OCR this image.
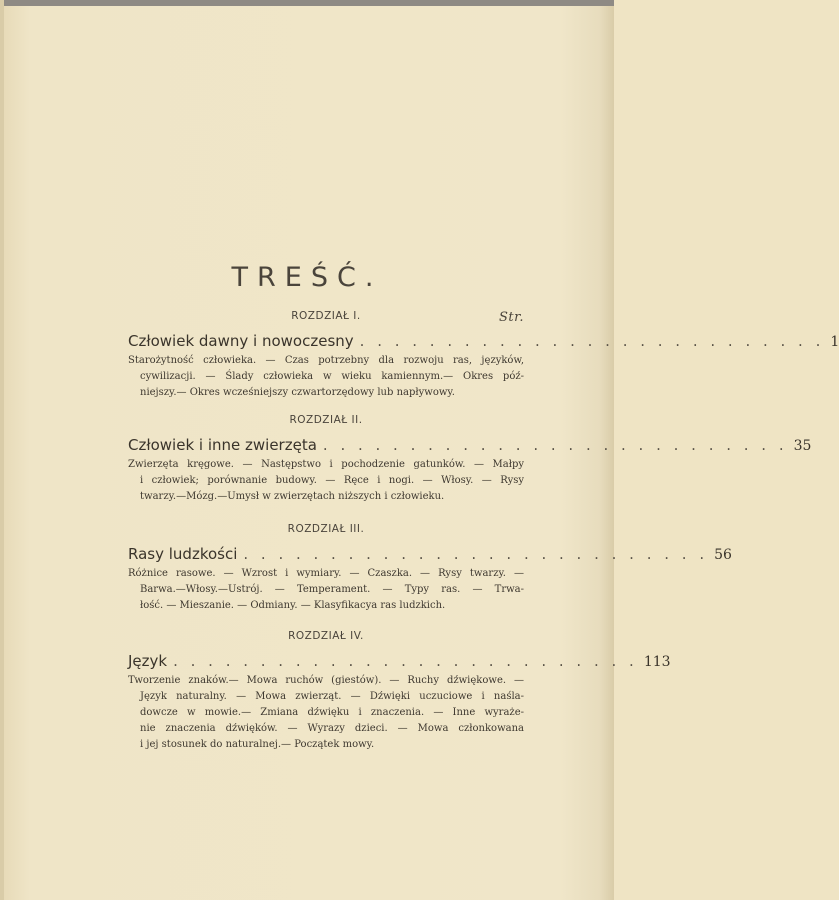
TREŚĆ.
ROZDZIAŁ I.	Str.
Człowiek dawny i nowoczesny . . . . . . . . . . . . . . . . . . . . . . . . . . . 1
Starożytność człowieka. — Czas potrzebny dla rozwoju ras, języków,
cywilizacji. — Ślady człowieka w wieku kamiennym.— Okres póź-
niejszy.— Okres wcześniejszy czwartorzędowy lub napływowy.
ROZDZIAŁ II.
Człowiek i inne zwierzęta . . . . . . . . . . . . . . . . . . . . . . . . . . . 35
Zwierzęta kręgowe. — Następstwo i pochodzenie gatunków. — Małpy
i człowiek; porównanie budowy. — Ręce i nogi. — Włosy. — Rysy
twarzy.—Mózg.—Umysł w zwierzętach niższych i człowieku.
ROZDZIAŁ III.
Rasy ludzkości . . . . . . . . . . . . . . . . . . . . . . . . . . . 56
Różnice rasowe. — Wzrost i wymiary. — Czaszka. — Rysy twarzy. —
Barwa.—Włosy.—Ustrój. — Temperament. — Typy ras. — Trwa-
łość. — Mieszanie. — Odmiany. — Klasyfikacya ras ludzkich.
ROZDZIAŁ IV.
Język . . . . . . . . . . . . . . . . . . . . . . . . . . . 113
Tworzenie znaków.— Mowa ruchów (giestów). — Ruchy dźwiękowe. —
Język naturalny. — Mowa zwierząt. — Dźwięki uczuciowe i naśla-
dowcze w mowie.— Zmiana dźwięku i znaczenia. — Inne wyraże-
nie znaczenia dźwięków. — Wyrazy dzieci. — Mowa członkowana
i jej stosunek do naturalnej.— Początek mowy.
